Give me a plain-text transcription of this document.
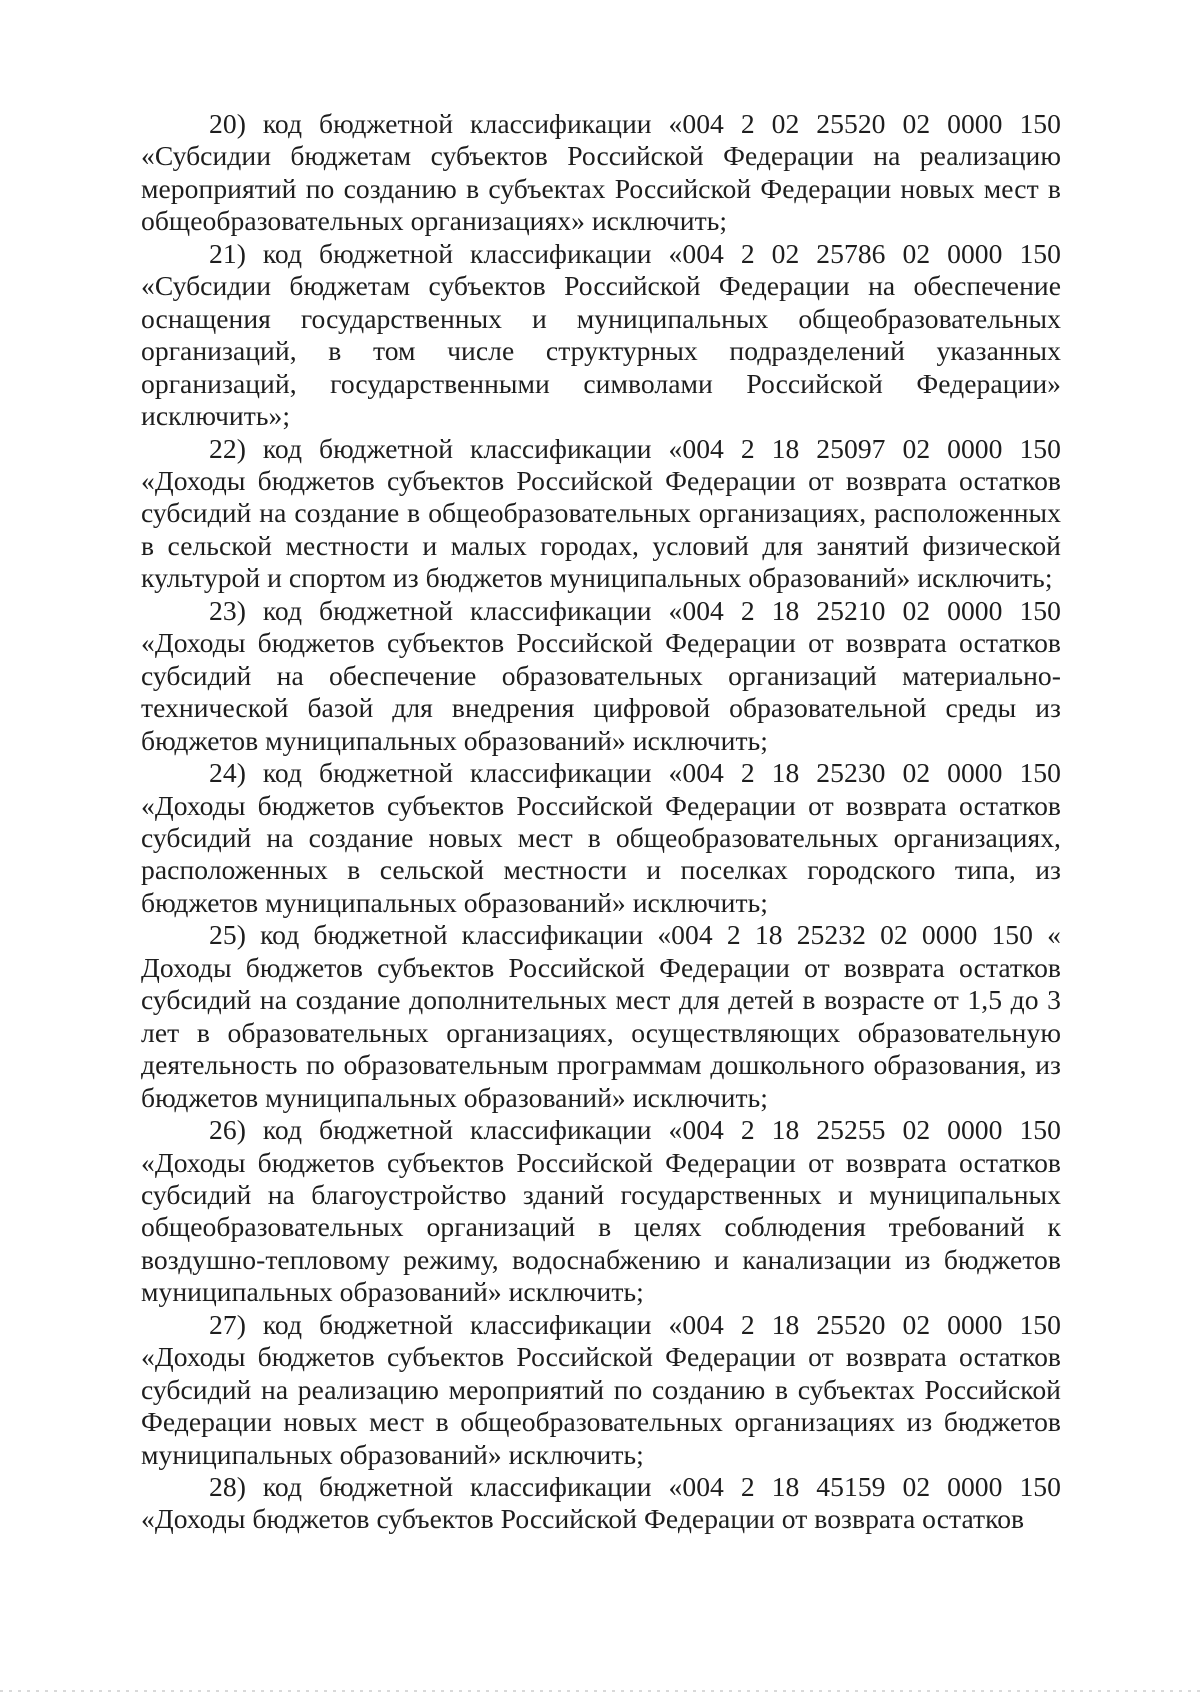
20) код бюджетной классификации «004 2 02 25520 02 0000 150 «Субсидии бюджетам субъектов Российской Федерации на реализацию мероприятий по созданию в субъектах Российской Федерации новых мест в общеобразовательных организациях» исключить;

21) код бюджетной классификации «004 2 02 25786 02 0000 150 «Субсидии бюджетам субъектов Российской Федерации на обеспечение оснащения государственных и муниципальных общеобразовательных организаций, в том числе структурных подразделений указанных организаций, государственными символами Российской Федерации» исключить»;

22) код бюджетной классификации «004 2 18 25097 02 0000 150 «Доходы бюджетов субъектов Российской Федерации от возврата остатков субсидий на создание в общеобразовательных организациях, расположенных в сельской местности и малых городах, условий для занятий физической культурой и спортом из бюджетов муниципальных образований» исключить;

23) код бюджетной классификации «004 2 18 25210 02 0000 150 «Доходы бюджетов субъектов Российской Федерации от возврата остатков субсидий на обеспечение образовательных организаций материально-технической базой для внедрения цифровой образовательной среды из бюджетов муниципальных образований» исключить;

24) код бюджетной классификации «004 2 18 25230 02 0000 150 «Доходы бюджетов субъектов Российской Федерации от возврата остатков субсидий на создание новых мест в общеобразовательных организациях, расположенных в сельской местности и поселках городского типа, из бюджетов муниципальных образований» исключить;

25) код бюджетной классификации «004 2 18 25232 02 0000 150 « Доходы бюджетов субъектов Российской Федерации от возврата остатков субсидий на создание дополнительных мест для детей в возрасте от 1,5 до 3 лет в образовательных организациях, осуществляющих образовательную деятельность по образовательным программам дошкольного образования, из бюджетов муниципальных образований» исключить;

26) код бюджетной классификации «004 2 18 25255 02 0000 150 «Доходы бюджетов субъектов Российской Федерации от возврата остатков субсидий на благоустройство зданий государственных и муниципальных общеобразовательных организаций в целях соблюдения требований к воздушно-тепловому режиму, водоснабжению и канализации из бюджетов муниципальных образований» исключить;

27) код бюджетной классификации «004 2 18 25520 02 0000 150 «Доходы бюджетов субъектов Российской Федерации от возврата остатков субсидий на реализацию мероприятий по созданию в субъектах Российской Федерации новых мест в общеобразовательных организациях из бюджетов муниципальных образований» исключить;

28) код бюджетной классификации «004 2 18 45159 02 0000 150 «Доходы бюджетов субъектов Российской Федерации от возврата остатков
